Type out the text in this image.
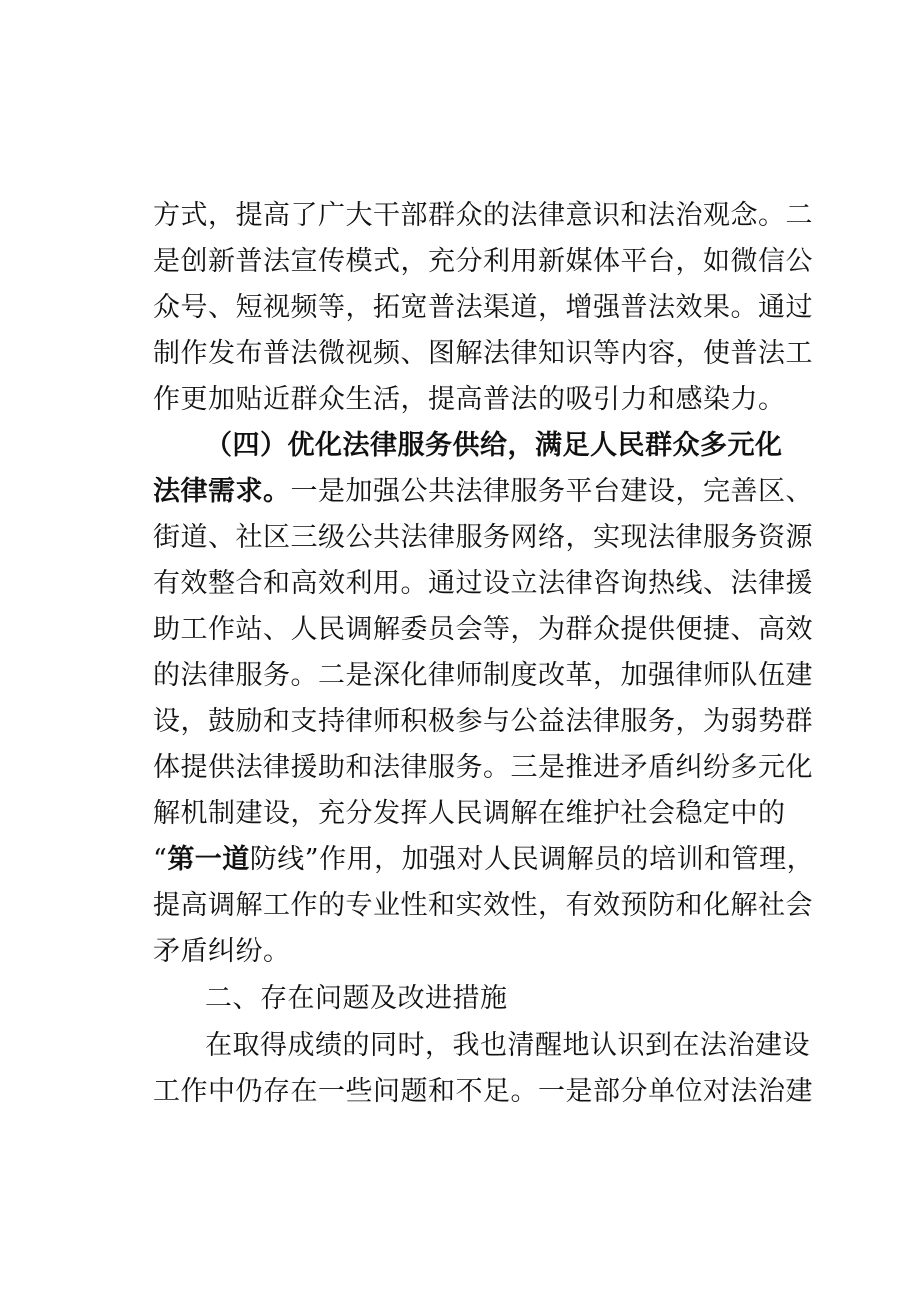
方式，提高了广大干部群众的法律意识和法治观念。二
是创新普法宣传模式，充分利用新媒体平台，如微信公
众号、短视频等，拓宽普法渠道，增强普法效果。通过
制作发布普法微视频、图解法律知识等内容，使普法工
作更加贴近群众生活，提高普法的吸引力和感染力。
（四）优化法律服务供给，满足人民群众多元化
法律需求。一是加强公共法律服务平台建设，完善区、
街道、社区三级公共法律服务网络，实现法律服务资源
有效整合和高效利用。通过设立法律咨询热线、法律援
助工作站、人民调解委员会等，为群众提供便捷、高效
的法律服务。二是深化律师制度改革，加强律师队伍建
设，鼓励和支持律师积极参与公益法律服务，为弱势群
体提供法律援助和法律服务。三是推进矛盾纠纷多元化
解机制建设，充分发挥人民调解在维护社会稳定中的
“第一道防线”作用，加强对人民调解员的培训和管理，
提高调解工作的专业性和实效性，有效预防和化解社会
矛盾纠纷。
二、存在问题及改进措施
在取得成绩的同时，我也清醒地认识到在法治建设
工作中仍存在一些问题和不足。一是部分单位对法治建
